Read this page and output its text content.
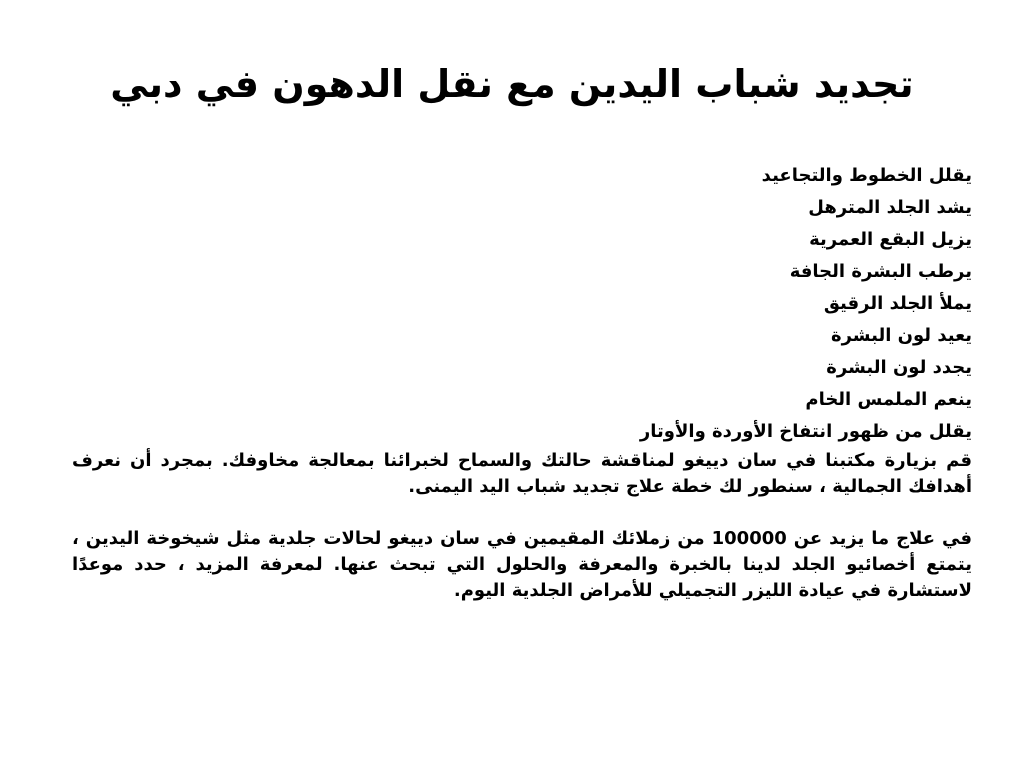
تجديد شباب اليدين مع نقل الدهون في دبي
يقلل الخطوط والتجاعيد
يشد الجلد المترهل
يزيل البقع العمرية
يرطب البشرة الجافة
يملأ الجلد الرقيق
يعيد لون البشرة
يجدد لون البشرة
ينعم الملمس الخام
يقلل من ظهور انتفاخ الأوردة والأوتار

قم بزيارة مكتبنا في سان دييغو لمناقشة حالتك والسماح لخبرائنا بمعالجة مخاوفك. بمجرد أن نعرف أهدافك الجمالية ، سنطور لك خطة علاج تجديد شباب اليد اليمنى.

في علاج ما يزيد عن 100000 من زملائك المقيمين في سان دييغو لحالات جلدية مثل شيخوخة اليدين ، يتمتع أخصائيو الجلد لدينا بالخبرة والمعرفة والحلول التي تبحث عنها. لمعرفة المزيد ، حدد موعدًا لاستشارة في عيادة الليزر التجميلي للأمراض الجلدية اليوم.
